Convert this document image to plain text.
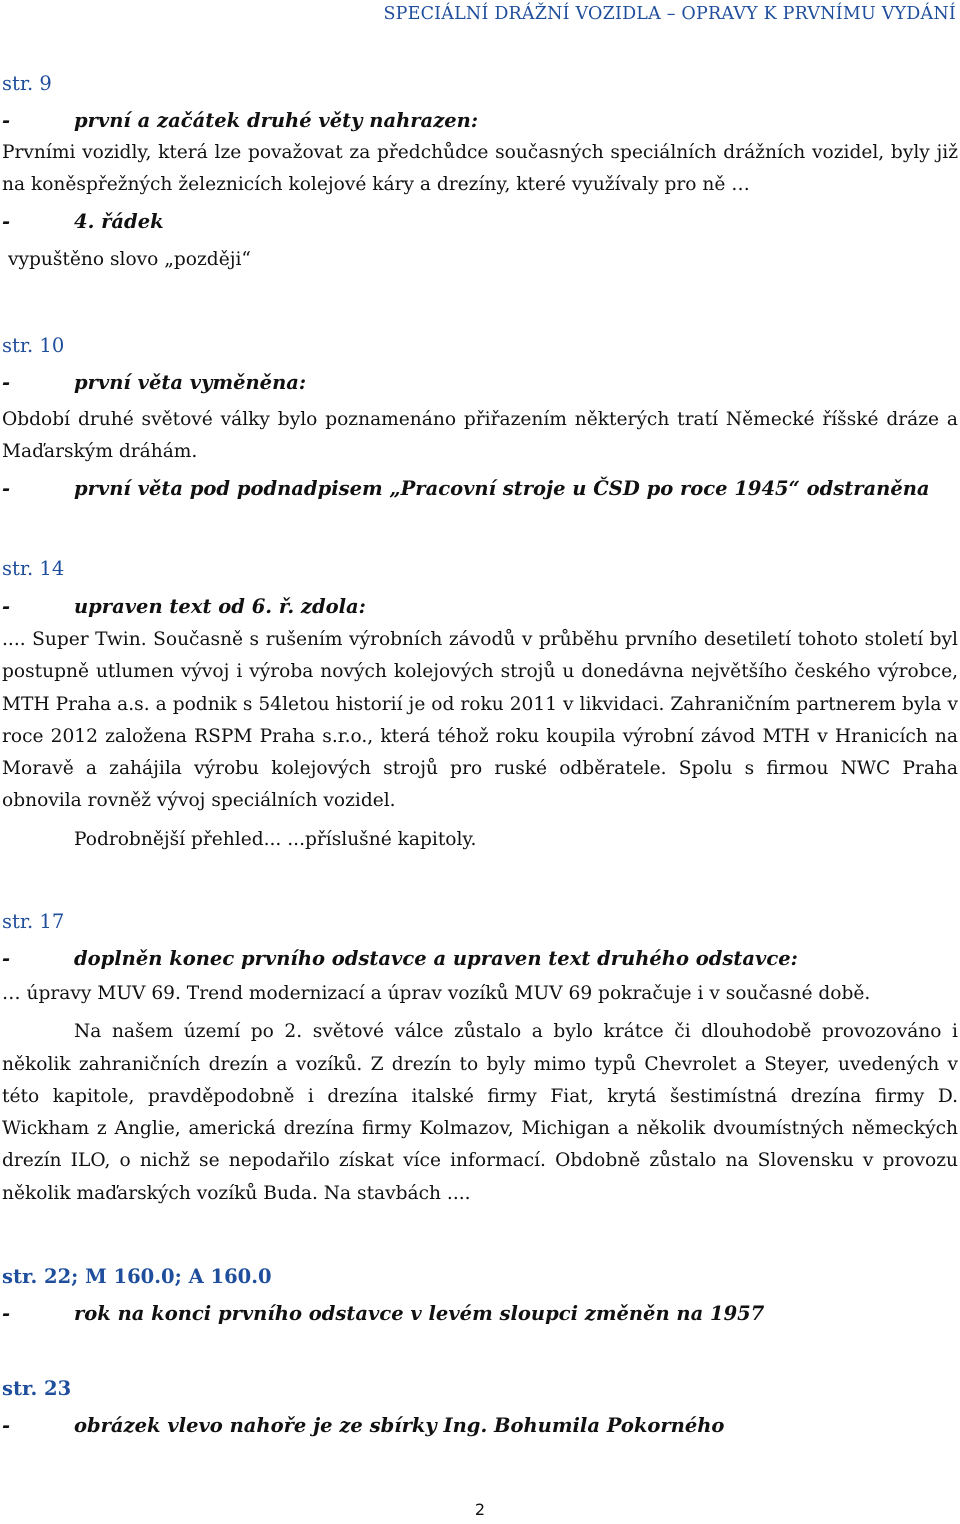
SPECIÁLNÍ DRÁŽNÍ VOZIDLA – OPRAVY K PRVNÍMU VYDÁNÍ
str. 9
-	první a začátek druhé věty nahrazen:

Prvními vozidly, která lze považovat za předchůdce současných speciálních drážních vozidel, byly již na koněspřežných železnicích kolejové káry a drezíny, které využívaly pro ně …

-	4. řádek

vypuštěno slovo „později“

str. 10
-	první věta vyměněna:

Období druhé světové války bylo poznamenáno přiřazením některých tratí Německé říšské dráze a Maďarským dráhám.

-	první věta pod podnadpisem „Pracovní stroje u ČSD po roce 1945“ odstraněna
str. 14
-	upraven text od 6. ř. zdola:

.... Super Twin. Současně s rušením výrobních závodů v průběhu prvního desetiletí tohoto století byl postupně utlumen vývoj i výroba nových kolejových strojů u donedávna největšího českého výrobce, MTH Praha a.s. a podnik s 54letou historií je od roku 2011 v likvidaci. Zahraničním partnerem byla v roce 2012 založena RSPM Praha s.r.o., která téhož roku koupila výrobní závod MTH v Hranicích na Moravě a zahájila výrobu kolejových strojů pro ruské odběratele. Spolu s firmou NWC Praha obnovila rovněž vývoj speciálních vozidel.

Podrobnější přehled... ...příslušné kapitoly.

str. 17
-	doplněn konec prvního odstavce a upraven text druhého odstavce:

… úpravy MUV 69. Trend modernizací a úprav vozíků MUV 69 pokračuje i v současné době.

Na našem území po 2. světové válce zůstalo a bylo krátce či dlouhodobě provozováno i několik zahraničních drezín a vozíků. Z drezín to byly mimo typů Chevrolet a Steyer, uvedených v této kapitole, pravděpodobně i drezína italské firmy Fiat, krytá šestimístná drezína firmy D. Wickham z Anglie, americká drezína firmy Kolmazov, Michigan a několik dvoumístných německých drezín ILO, o nichž se nepodařilo získat více informací. Obdobně zůstalo na Slovensku v provozu několik maďarských vozíků Buda. Na stavbách ....

str. 22; M 160.0; A 160.0
-	rok na konci prvního odstavce v levém sloupci změněn na 1957
str. 23
-	obrázek vlevo nahoře je ze sbírky Ing. Bohumila Pokorného
2
